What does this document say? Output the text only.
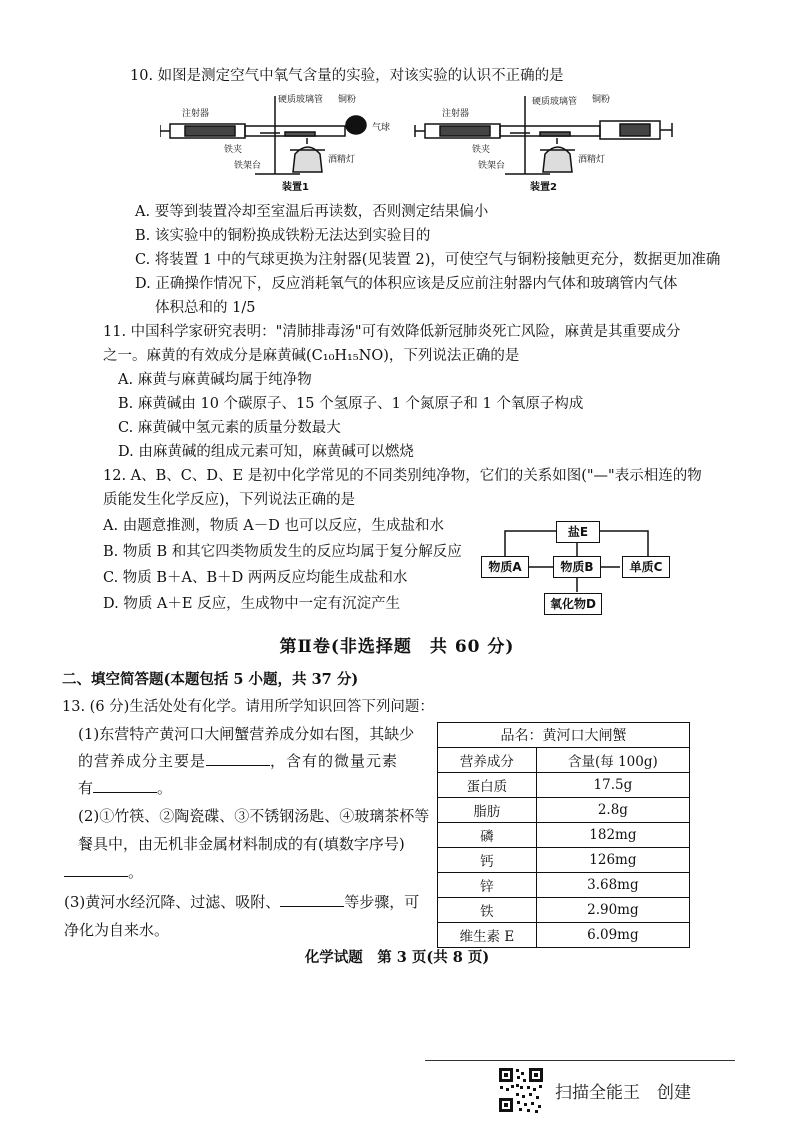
10. 如图是测定空气中氧气含量的实验，对该实验的认识不正确的是
注射器
硬质玻璃管 铜粉
气球
铁夹
铁架台
酒精灯
装置1
注射器
硬质玻璃管 铜粉
铁夹
铁架台
酒精灯
装置2
A. 要等到装置冷却至室温后再读数，否则测定结果偏小
B. 该实验中的铜粉换成铁粉无法达到实验目的
C. 将装置 1 中的气球更换为注射器(见装置 2)，可使空气与铜粉接触更充分，数据更加准确
D. 正确操作情况下，反应消耗氧气的体积应该是反应前注射器内气体和玻璃管内气体
体积总和的 1/5
11. 中国科学家研究表明："清肺排毒汤"可有效降低新冠肺炎死亡风险，麻黄是其重要成分
之一。麻黄的有效成分是麻黄碱(C₁₀H₁₅NO)，下列说法正确的是
A. 麻黄与麻黄碱均属于纯净物
B. 麻黄碱由 10 个碳原子、15 个氢原子、1 个氮原子和 1 个氧原子构成
C. 麻黄碱中氢元素的质量分数最大
D. 由麻黄碱的组成元素可知，麻黄碱可以燃烧
12. A、B、C、D、E 是初中化学常见的不同类别纯净物，它们的关系如图("—"表示相连的物
质能发生化学反应)，下列说法正确的是
A. 由题意推测，物质 A－D 也可以反应，生成盐和水
B. 物质 B 和其它四类物质发生的反应均属于复分解反应
C. 物质 B＋A、B＋D 两两反应均能生成盐和水
D. 物质 A＋E 反应，生成物中一定有沉淀产生
盐E
物质A	物质B	单质C
氧化物D
第Ⅱ卷(非选择题　共 60 分)
二、填空简答题(本题包括 5 小题，共 37 分)
13. (6 分)生活处处有化学。请用所学知识回答下列问题：
(1)东营特产黄河口大闸蟹营养成分如右图，其缺少
的营养成分主要是	，含有的微量元素
有	。
(2)①竹筷、②陶瓷碟、③不锈钢汤匙、④玻璃茶杯等
餐具中，由无机非金属材料制成的有(填数字序号)
。
(3)黄河水经沉降、过滤、吸附、	等步骤，可
净化为自来水。
品名：黄河口大闸蟹	
营养成分	含量(每 100g)
蛋白质	17.5g
脂肪	2.8g
磷	182mg
钙	126mg
锌	3.68mg
铁	2.90mg
维生素 E	6.09mg
化学试题　第 3 页(共 8 页)
扫描全能王　创建
